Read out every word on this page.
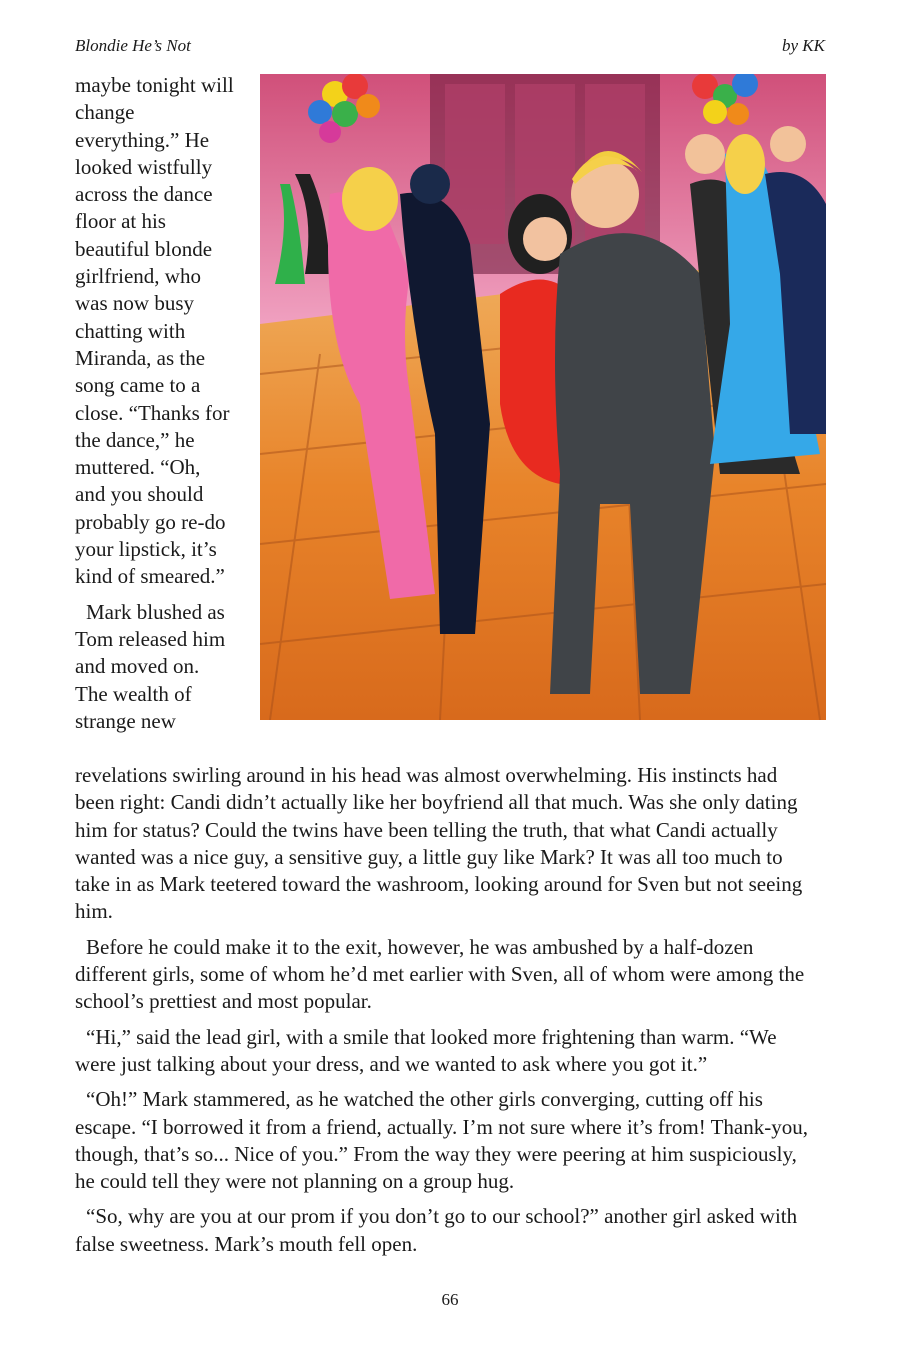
Blondie He’s Not	by KK

maybe tonight will change everything.” He looked wistfully across the dance floor at his beautiful blonde girlfriend, who was now busy chatting with Miranda, as the song came to a close. “Thanks for the dance,” he muttered. “Oh, and you should probably go re-do your lipstick, it’s kind of smeared.”

Mark blushed as Tom released him and moved on. The wealth of strange new

revelations swirling around in his head was almost overwhelming. His instincts had been right: Candi didn’t actually like her boyfriend all that much. Was she only dating him for status? Could the twins have been telling the truth, that what Candi actually wanted was a nice guy, a sensitive guy, a little guy like Mark? It was all too much to take in as Mark teetered toward the washroom, looking around for Sven but not seeing him.

Before he could make it to the exit, however, he was ambushed by a half-dozen different girls, some of whom he’d met earlier with Sven, all of whom were among the school’s prettiest and most popular.

“Hi,” said the lead girl, with a smile that looked more frightening than warm. “We were just talking about your dress, and we wanted to ask where you got it.”

“Oh!” Mark stammered, as he watched the other girls converging, cutting off his escape. “I borrowed it from a friend, actually. I’m not sure where it’s from! Thank-you, though, that’s so... Nice of you.” From the way they were peering at him suspiciously, he could tell they were not planning on a group hug.

“So, why are you at our prom if you don’t go to our school?” another girl asked with false sweetness. Mark’s mouth fell open.

66
